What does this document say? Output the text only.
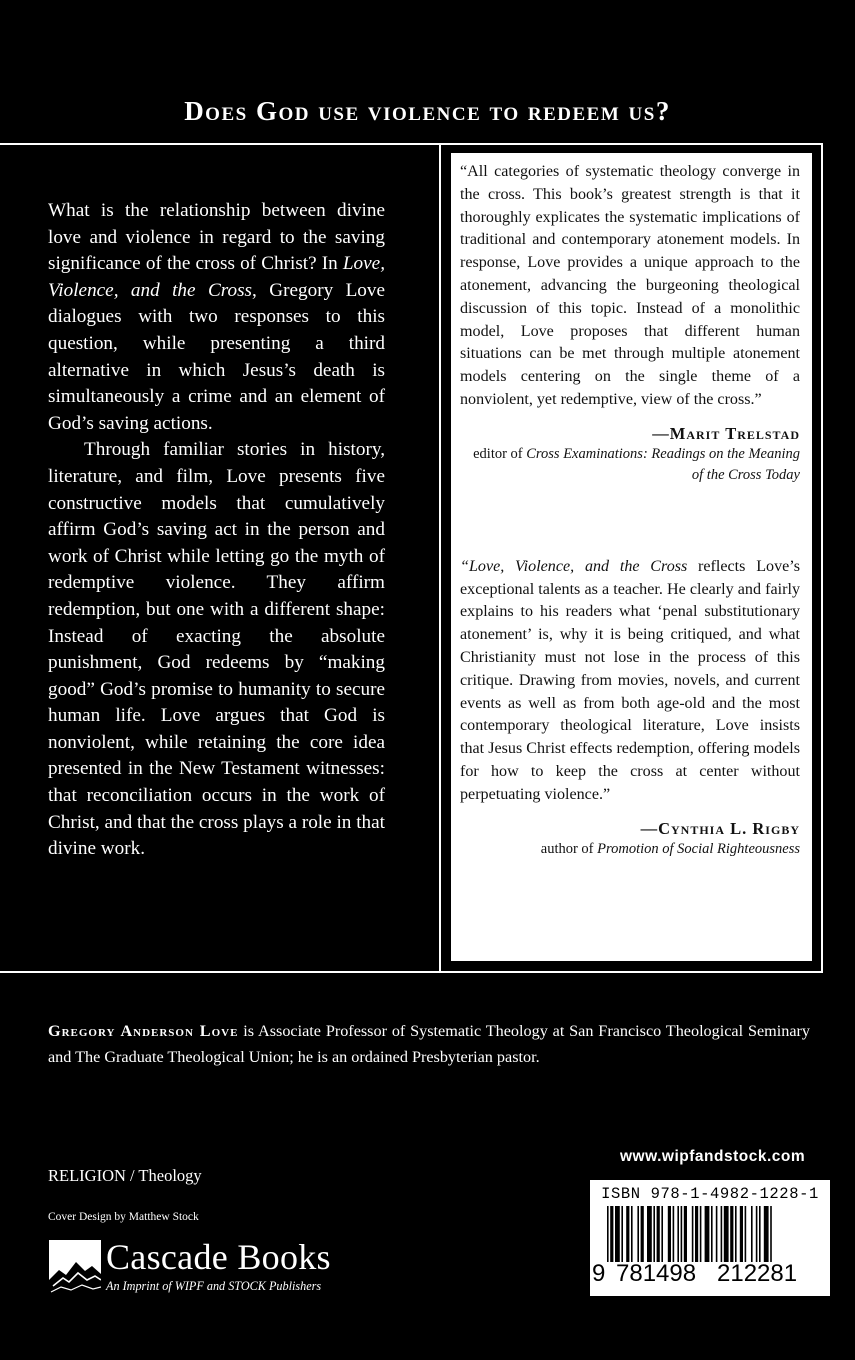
Does God use violence to redeem us?

What is the relationship between divine love and violence in regard to the saving significance of the cross of Christ? In Love, Violence, and the Cross, Gregory Love dialogues with two responses to this question, while presenting a third alternative in which Jesus’s death is simultaneously a crime and an element of God’s saving actions.

Through familiar stories in history, literature, and film, Love presents five constructive models that cumulatively affirm God’s saving act in the person and work of Christ while letting go the myth of redemptive violence. They affirm redemption, but one with a different shape: Instead of exacting the absolute punishment, God redeems by “making good” God’s promise to humanity to secure human life. Love argues that God is nonviolent, while retaining the core idea presented in the New Testament witnesses: that reconciliation occurs in the work of Christ, and that the cross plays a role in that divine work.

“All categories of systematic theology converge in the cross. This book’s greatest strength is that it thoroughly explicates the systematic implications of traditional and contemporary atonement models. In response, Love provides a unique approach to the atonement, advancing the burgeoning theological discussion of this topic. Instead of a monolithic model, Love proposes that different human situations can be met through multiple atonement models centering on the single theme of a nonviolent, yet redemptive, view of the cross.”
—Marit Trelstad
editor of Cross Examinations: Readings on the Meaning of the Cross Today
“Love, Violence, and the Cross reflects Love’s exceptional talents as a teacher. He clearly and fairly explains to his readers what ‘penal substitutionary atonement’ is, why it is being critiqued, and what Christianity must not lose in the process of this critique. Drawing from movies, novels, and current events as well as from both age-old and the most contemporary theological literature, Love insists that Jesus Christ effects redemption, offering models for how to keep the cross at center without perpetuating violence.”
—Cynthia L. Rigby
author of Promotion of Social Righteousness
Gregory Anderson Love is Associate Professor of Systematic Theology at San Francisco Theological Seminary and The Graduate Theological Union; he is an ordained Presbyterian pastor.
RELIGION / Theology
Cover Design by Matthew Stock
Cascade Books
An Imprint of WIPF and STOCK Publishers
www.wipfandstock.com
ISBN 978-1-4982-1228-1
9 781498 212281
